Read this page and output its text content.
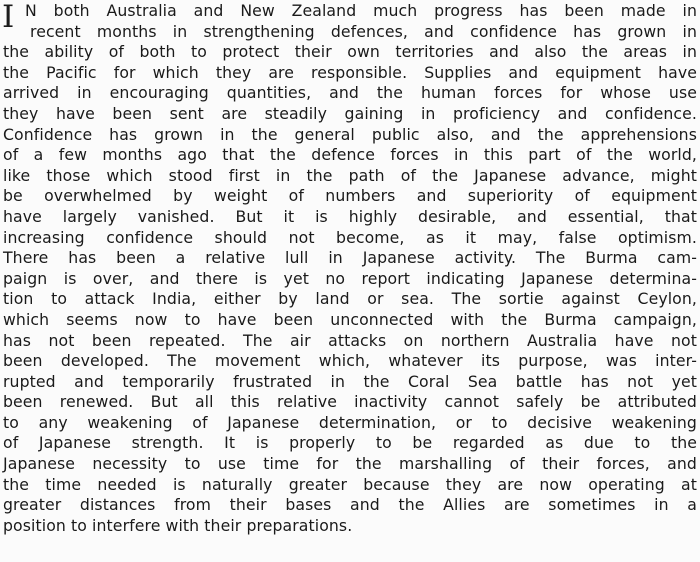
I N both Australia and New Zealand much progress has been made in
recent months in strengthening defences, and confidence has grown in
the ability of both to protect their own territories and also the areas in
the Pacific for which they are responsible. Supplies and equipment have
arrived in encouraging quantities, and the human forces for whose use
they have been sent are steadily gaining in proficiency and confidence.
Confidence has grown in the general public also, and the apprehensions
of a few months ago that the defence forces in this part of the world,
like those which stood first in the path of the Japanese advance, might
be overwhelmed by weight of numbers and superiority of equipment
have largely vanished. But it is highly desirable, and essential, that
increasing confidence should not become, as it may, false optimism.
There has been a relative lull in Japanese activity. The Burma cam-
paign is over, and there is yet no report indicating Japanese determina-
tion to attack India, either by land or sea. The sortie against Ceylon,
which seems now to have been unconnected with the Burma campaign,
has not been repeated. The air attacks on northern Australia have not
been developed. The movement which, whatever its purpose, was inter-
rupted and temporarily frustrated in the Coral Sea battle has not yet
been renewed. But all this relative inactivity cannot safely be attributed
to any weakening of Japanese determination, or to decisive weakening
of Japanese strength. It is properly to be regarded as due to the
Japanese necessity to use time for the marshalling of their forces, and
the time needed is naturally greater because they are now operating at
greater distances from their bases and the Allies are sometimes in a
position to interfere with their preparations.
